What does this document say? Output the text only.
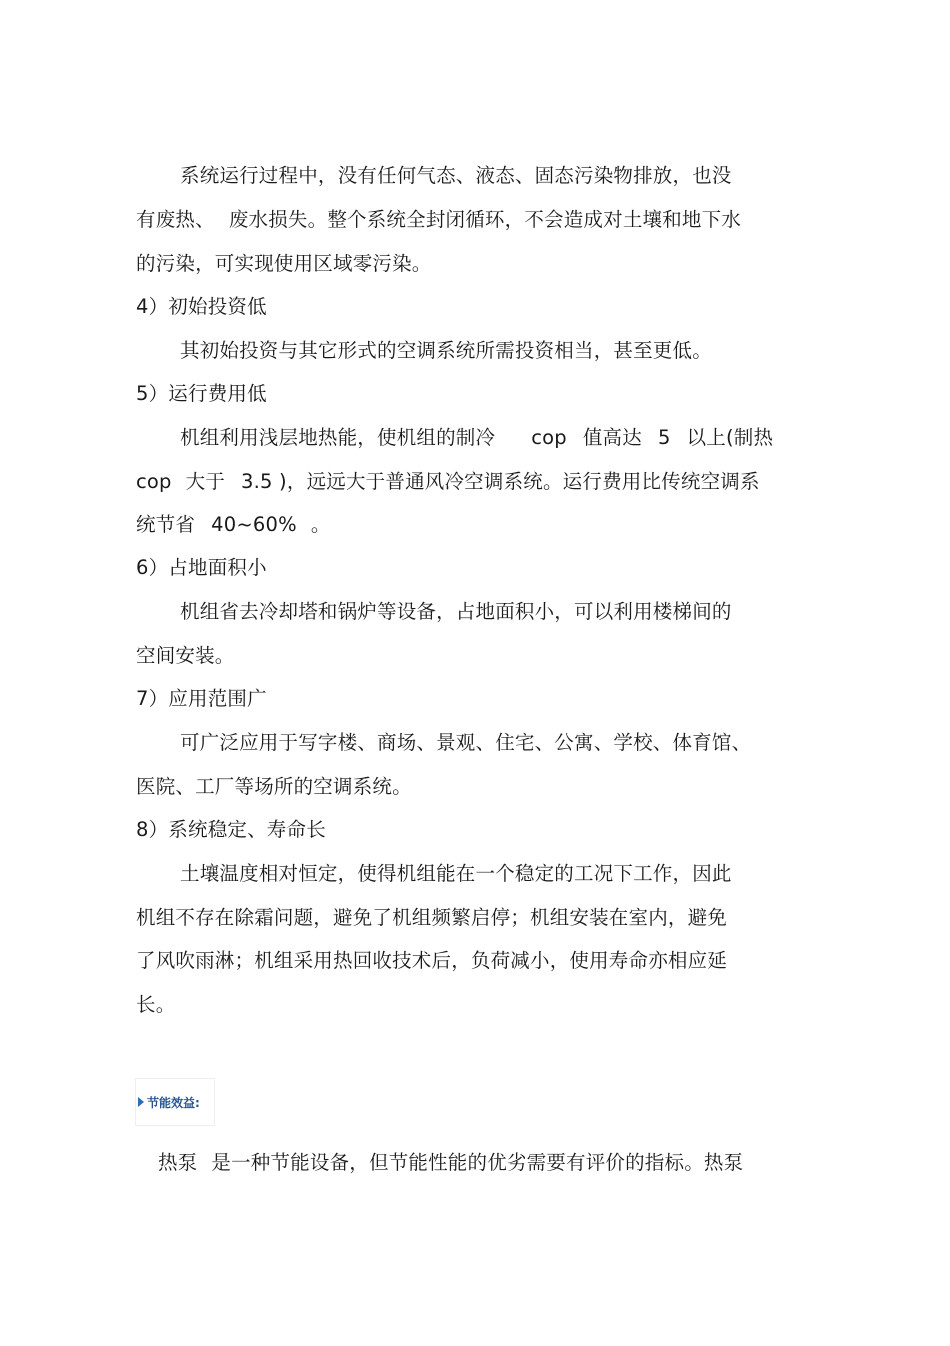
系统运行过程中，没有任何气态、液态、固态污染物排放，也没
有废热、 废水损失。整个系统全封闭循环，不会造成对土壤和地下水
的污染，可实现使用区域零污染。
4）初始投资低
其初始投资与其它形式的空调系统所需投资相当，甚至更低。
5）运行费用低
机组利用浅层地热能，使机组的制冷 cop 值高达 5 以上(制热
cop 大于 3.5 )，远远大于普通风冷空调系统。运行费用比传统空调系
统节省 40~60% 。
6）占地面积小
机组省去冷却塔和锅炉等设备，占地面积小，可以利用楼梯间的
空间安装。
7）应用范围广
可广泛应用于写字楼、商场、景观、住宅、公寓、学校、体育馆、
医院、工厂等场所的空调系统。
8）系统稳定、寿命长
土壤温度相对恒定，使得机组能在一个稳定的工况下工作，因此
机组不存在除霜问题，避免了机组频繁启停；机组安装在室内，避免
了风吹雨淋；机组采用热回收技术后，负荷减小，使用寿命亦相应延
长。
节能效益:
热泵 是一种节能设备，但节能性能的优劣需要有评价的指标。热泵
